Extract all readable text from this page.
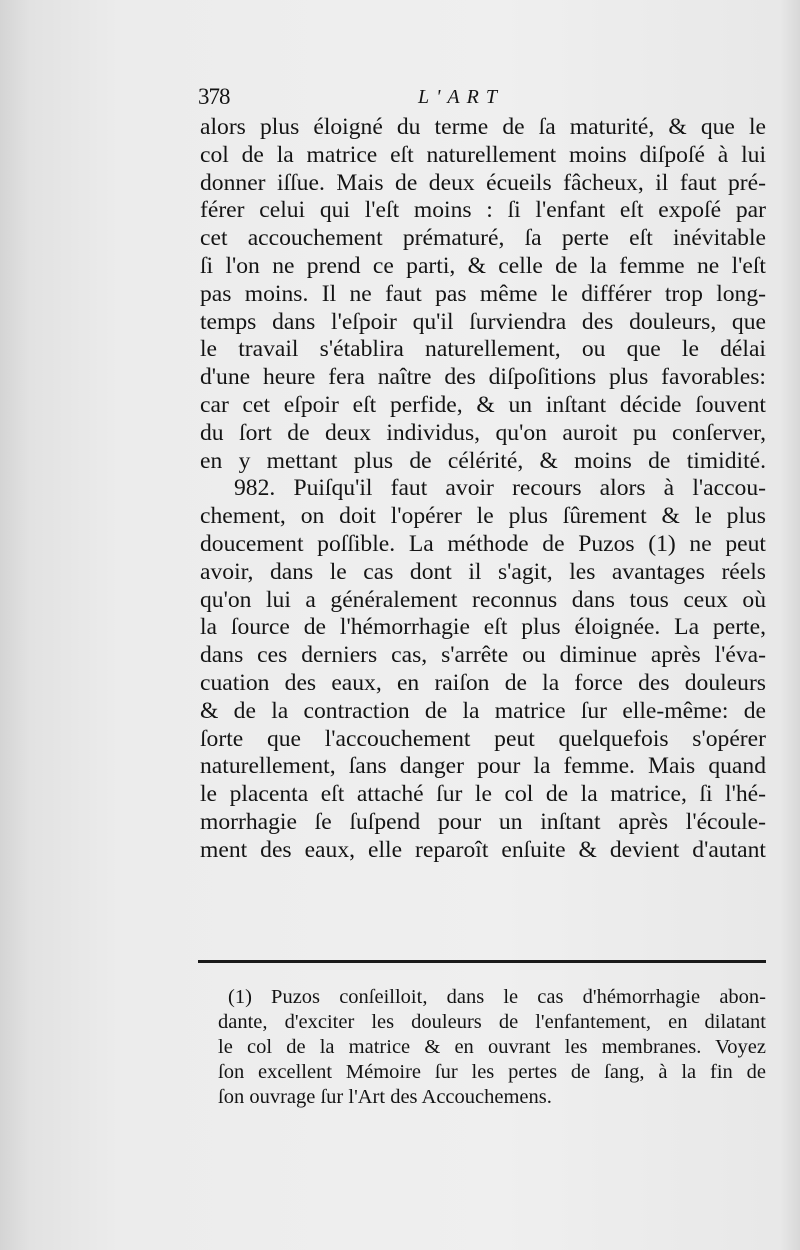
378	L'ART
alors plus éloigné du terme de ſa maturité, & que le
col de la matrice eſt naturellement moins diſpoſé à lui
donner iſſue. Mais de deux écueils fâcheux, il faut pré-
férer celui qui l'eſt moins : ſi l'enfant eſt expoſé par
cet accouchement prématuré, ſa perte eſt inévitable
ſi l'on ne prend ce parti, & celle de la femme ne l'eſt
pas moins. Il ne faut pas même le différer trop long-
temps dans l'eſpoir qu'il ſurviendra des douleurs, que
le travail s'établira naturellement, ou que le délai
d'une heure fera naître des diſpoſitions plus favorables:
car cet eſpoir eſt perfide, & un inſtant décide ſouvent
du ſort de deux individus, qu'on auroit pu conſerver,
en y mettant plus de célérité, & moins de timidité.
982. Puiſqu'il faut avoir recours alors à l'accou-
chement, on doit l'opérer le plus ſûrement & le plus
doucement poſſible. La méthode de Puzos (1) ne peut
avoir, dans le cas dont il s'agit, les avantages réels
qu'on lui a généralement reconnus dans tous ceux où
la ſource de l'hémorrhagie eſt plus éloignée. La perte,
dans ces derniers cas, s'arrête ou diminue après l'éva-
cuation des eaux, en raiſon de la force des douleurs
& de la contraction de la matrice ſur elle-même: de
ſorte que l'accouchement peut quelquefois s'opérer
naturellement, ſans danger pour la femme. Mais quand
le placenta eſt attaché ſur le col de la matrice, ſi l'hé-
morrhagie ſe ſuſpend pour un inſtant après l'écoule-
ment des eaux, elle reparoît enſuite & devient d'autant
(1) Puzos conſeilloit, dans le cas d'hémorrhagie abon-
dante, d'exciter les douleurs de l'enfantement, en dilatant
le col de la matrice & en ouvrant les membranes. Voyez
ſon excellent Mémoire ſur les pertes de ſang, à la fin de
ſon ouvrage ſur l'Art des Accouchemens.
